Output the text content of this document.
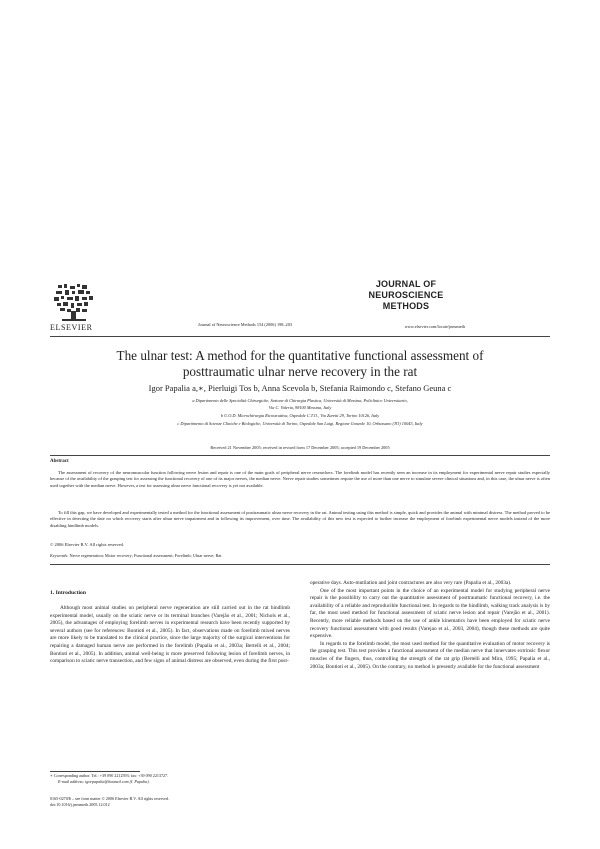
ELSEVIER	Journal of Neuroscience Methods 154 (2006) 198–203
JOURNAL OF
NEUROSCIENCE
METHODS
www.elsevier.com/locate/jneumeth
The ulnar test: A method for the quantitative functional assessment of
posttraumatic ulnar nerve recovery in the rat
Igor Papalia a,∗, Pierluigi Tos b, Anna Scevola b, Stefania Raimondo c, Stefano Geuna c
a Dipartimento delle Specialità Chirurgiche, Sezione di Chirurgia Plastica, Università di Messina, Policlinico Universitario,
Via C. Valeria, 98100 Messina, Italy
b U.O.D. Microchirurgia Ricostruttiva, Ospedale C.T.O., Via Zuretti 29, Torino 10126, Italy
c Dipartimento di Scienze Cliniche e Biologiche, Università di Torino, Ospedale San Luigi, Regione Gonzole 10, Orbassano (TO) 10043, Italy
Received 21 November 2005; received in revised form 17 December 2005; accepted 19 December 2005
Abstract
The assessment of recovery of the neuromuscular function following nerve lesion and repair is one of the main goals of peripheral nerve researchers. The forelimb model has recently seen an increase in its employment for experimental nerve repair studies especially because of the availability of the grasping test for assessing the functional recovery of one of its major nerves, the median nerve. Nerve repair studies sometimes require the use of more than one nerve to simulate severe clinical situations and, in this case, the ulnar nerve is often used together with the median nerve. However, a test for assessing ulnar nerve functional recovery is yet not available.
To fill this gap, we have developed and experimentally tested a method for the functional assessment of posttraumatic ulnar nerve recovery in the rat. Animal testing using this method is simple, quick and provides the animal with minimal distress. The method proved to be effective in detecting the date on which recovery starts after ulnar nerve impairment and in following its improvement, over time. The availability of this new test is expected to further increase the employment of forelimb experimental nerve models instead of the more disabling hindlimb models.
© 2006 Elsevier B.V. All rights reserved.
Keywords: Nerve regeneration; Motor recovery; Functional assessment; Forelimb; Ulnar nerve; Rat
1. Introduction
Although most animal studies on peripheral nerve regeneration are still carried out in the rat hindlimb experimental model, usually on the sciatic nerve or its terminal branches (Varejão et al., 2001; Nichols et al., 2005), the advantages of employing forelimb nerves in experimental research have been recently supported by several authors (see for references: Bontioti et al., 2005). In fact, observations made on forelimb mixed nerves are more likely to be translated to the clinical practice, since the large majority of the surgical interventions for repairing a damaged human nerve are performed in the forelimb (Papalia et al., 2003a; Bertelli et al., 2004; Bontioti et al., 2005). In addition, animal well-being is more preserved following lesion of forelimb nerves, in comparison to sciatic nerve transection, and few signs of animal distress are observed, even during the first post-
operative days. Auto-mutilation and joint contractures are also very rare (Papalia et al., 2003a).
One of the most important points in the choice of an experimental model for studying peripheral nerve repair is the possibility to carry out the quantitative assessment of posttraumatic functional recovery, i.e. the availability of a reliable and reproducible functional test. In regards to the hindlimb, walking track analysis is by far, the most used method for functional assessment of sciatic nerve lesion and repair (Varejão et al., 2001). Recently, more reliable methods based on the use of ankle kinematics have been employed for sciatic nerve recovery functional assessment with good results (Varejao et al., 2003, 2004), though these methods are quite expensive.
In regards to the forelimb model, the most used method for the quantitative evaluation of motor recovery is the grasping test. This test provides a functional assessment of the median nerve that innervates extrinsic flexor muscles of the fingers, thus, controlling the strength of the rat grip (Bertelli and Mira, 1995; Papalia et al., 2003a; Bontioti et al., 2005). On the contrary, no method is presently available for the functional assessment
∗ Corresponding author. Tel.: +39 090 2212593; fax: +39 090 2213727.
E-mail address: igorpapalia@hotmail.com (I. Papalia).
0165-0270/$ – see front matter © 2006 Elsevier B.V. All rights reserved.
doi:10.1016/j.jneumeth.2005.12.012
